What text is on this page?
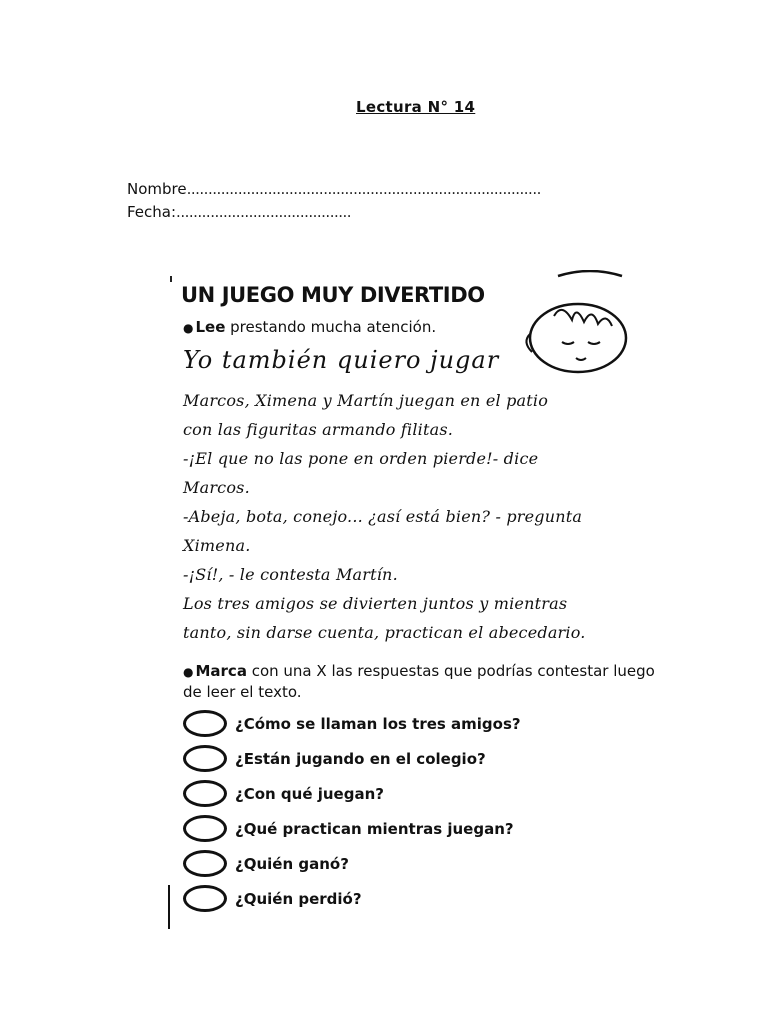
Lectura N° 14
Nombre...................................................................................
Fecha:.........................................
UN JUEGO MUY DIVERTIDO
● Lee prestando mucha atención.
Yo también quiero jugar
Marcos, Ximena y Martín juegan en el patio
con las figuritas armando filitas.
-¡El que no las pone en orden pierde!- dice
Marcos.
-Abeja, bota, conejo... ¿así está bien? - pregunta
Ximena.
-¡Sí!, - le contesta Martín.
Los tres amigos se divierten juntos y mientras
tanto, sin darse cuenta, practican el abecedario.
● Marca con una X las respuestas que podrías contestar luego de leer el texto.
¿Cómo se llaman los tres amigos?
¿Están jugando en el colegio?
¿Con qué juegan?
¿Qué practican mientras juegan?
¿Quién ganó?
¿Quién perdió?
